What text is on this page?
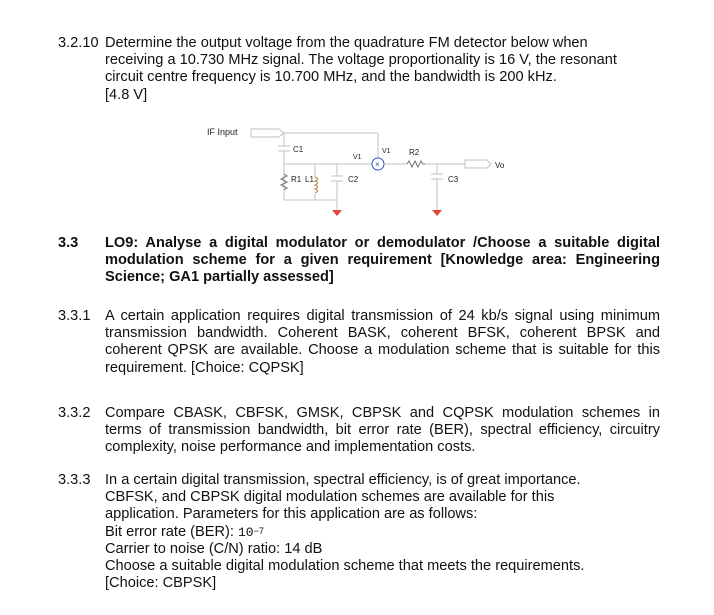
3.2.10 Determine the output voltage from the quadrature FM detector below when
receiving a 10.730 MHz signal. The voltage proportionality is 16 V, the resonant
circuit centre frequency is 10.700 MHz, and the bandwidth is 200 kHz.
[4.8 V]
×
IF Input
C1
V1
V1 R2
Vo
R1 L1	C2	C3
3.3 LO9: Analyse a digital modulator or demodulator /Choose a suitable digital modulation scheme for a given requirement [Knowledge area: Engineering Science; GA1 partially assessed]
3.3.1 A certain application requires digital transmission of 24 kb/s signal using minimum transmission bandwidth. Coherent BASK, coherent BFSK, coherent BPSK and coherent QPSK are available. Choose a modulation scheme that is suitable for this requirement. [Choice: CQPSK]
3.3.2 Compare CBASK, CBFSK, GMSK, CBPSK and CQPSK modulation schemes in terms of transmission bandwidth, bit error rate (BER), spectral efficiency, circuitry complexity, noise performance and implementation costs.
3.3.3 In a certain digital transmission, spectral efficiency, is of great importance.
CBFSK, and CBPSK digital modulation schemes are available for this
application. Parameters for this application are as follows:
Bit error rate (BER): $10^{-7}$
Carrier to noise (C/N) ratio: 14 dB
Choose a suitable digital modulation scheme that meets the requirements.
[Choice: CBPSK]
